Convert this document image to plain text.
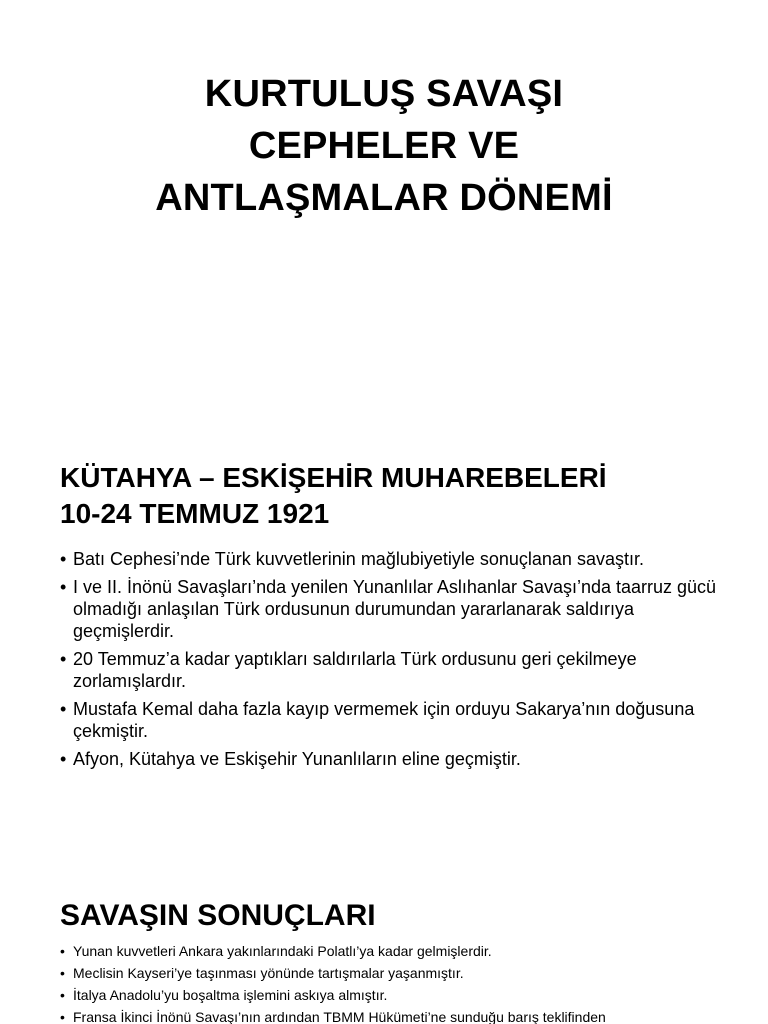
KURTULUŞ SAVAŞI
CEPHELER VE
ANTLAŞMALAR DÖNEMİ
KÜTAHYA – ESKİŞEHİR MUHAREBELERİ
10-24 TEMMUZ 1921
• Batı Cephesi’nde Türk kuvvetlerinin mağlubiyetiyle sonuçlanan savaştır.
• I ve II. İnönü Savaşları’nda yenilen Yunanlılar Aslıhanlar Savaşı’nda taarruz gücü olmadığı anlaşılan Türk ordusunun durumundan yararlanarak saldırıya geçmişlerdir.
• 20 Temmuz’a kadar yaptıkları saldırılarla Türk ordusunu geri çekilmeye zorlamışlardır.
• Mustafa Kemal daha fazla kayıp vermemek için orduyu Sakarya’nın doğusuna çekmiştir.
• Afyon, Kütahya ve Eskişehir Yunanlıların eline geçmiştir.
SAVAŞIN SONUÇLARI
• Yunan kuvvetleri Ankara yakınlarındaki Polatlı’ya kadar gelmişlerdir.
• Meclisin Kayseri’ye taşınması yönünde tartışmalar yaşanmıştır.
• İtalya Anadolu’yu boşaltma işlemini askıya almıştır.
• Fransa İkinci İnönü Savaşı’nın ardından TBMM Hükümeti’ne sunduğu barış teklifinden
